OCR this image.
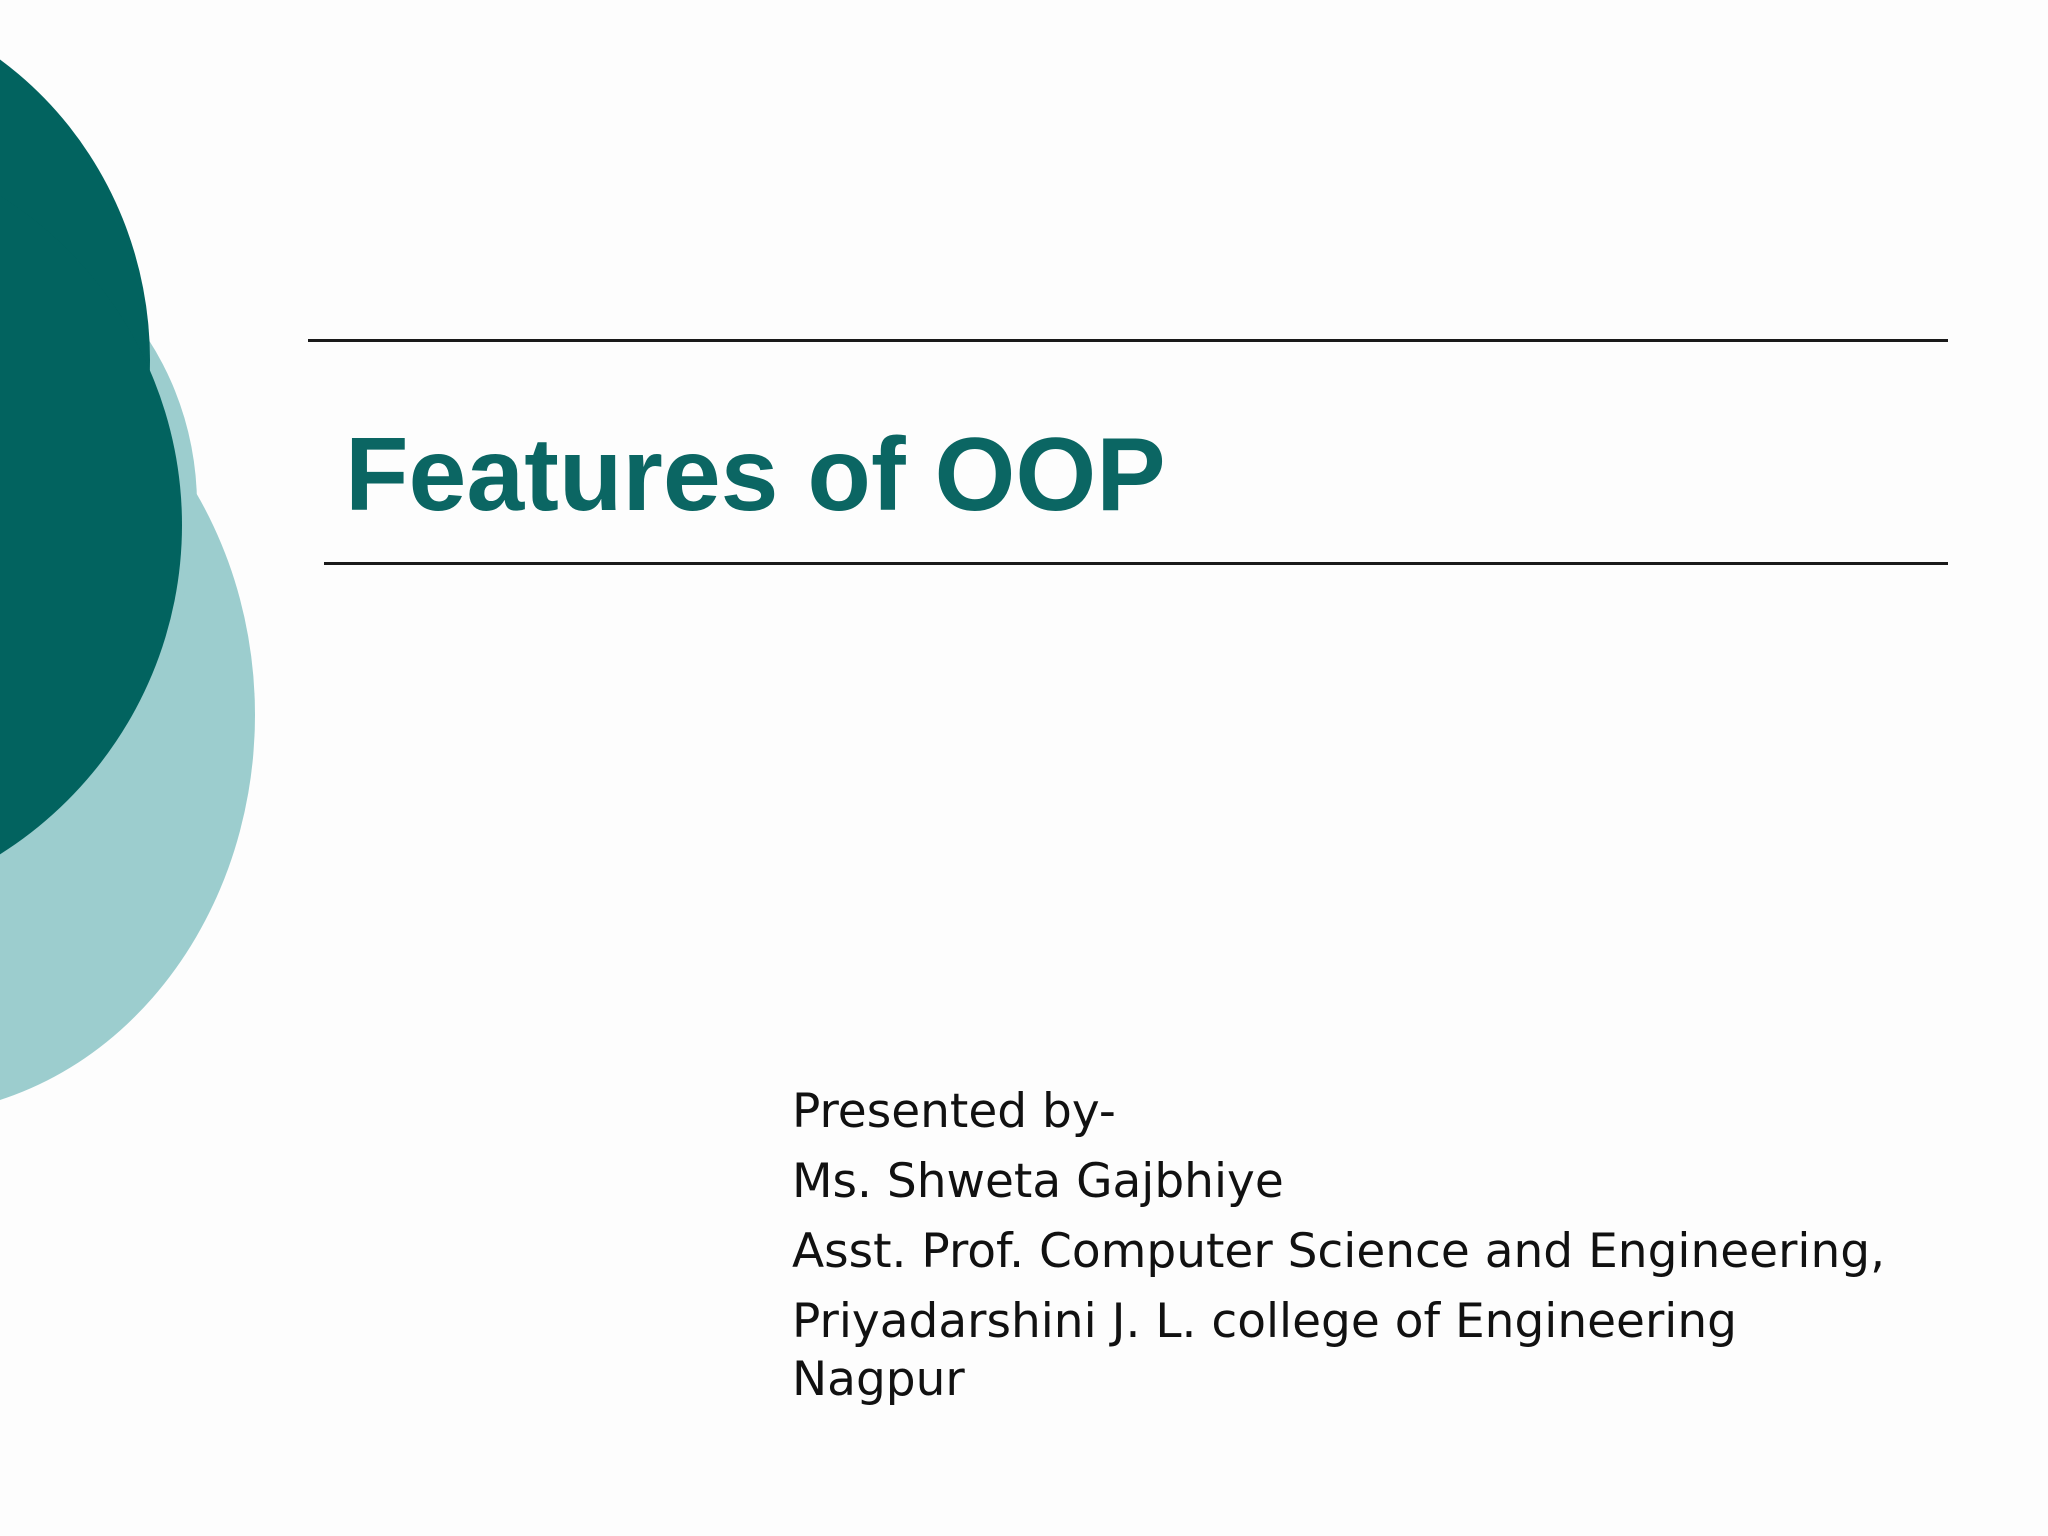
Features of OOP
Presented by-
Ms. Shweta Gajbhiye
Asst. Prof. Computer Science and Engineering,
Priyadarshini J. L. college of Engineering
Nagpur
